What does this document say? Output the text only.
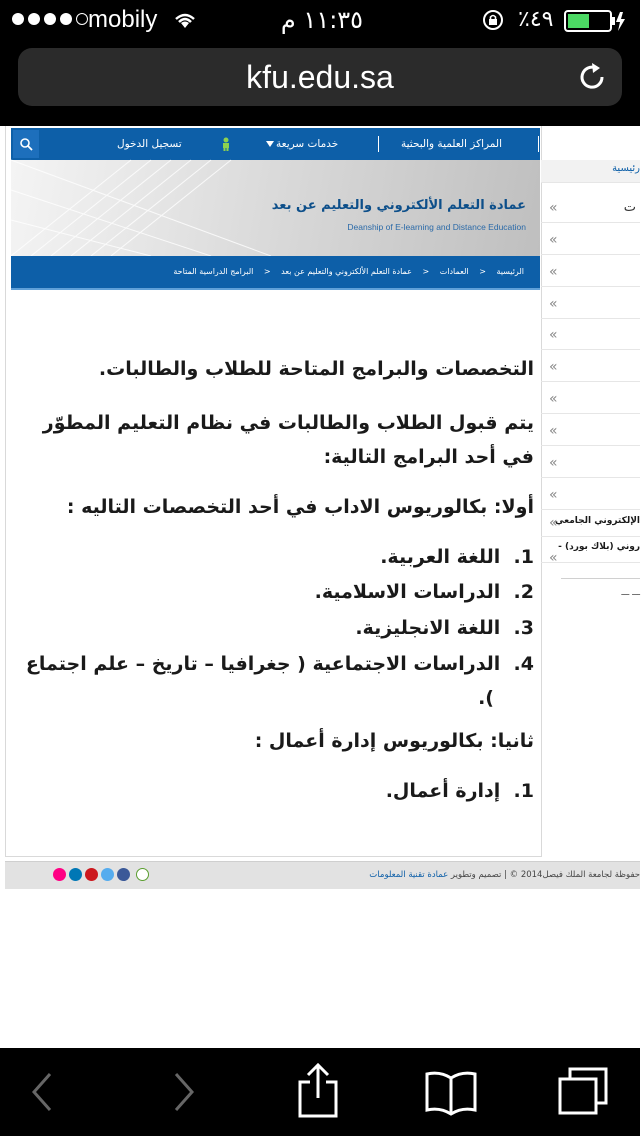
mobily	١١:٣٥ م	٪٤٩
kfu.edu.sa
تسجيل الدخول	خدمات سريعة	المراكز العلمية والبحثية	الادارات	ت
عمادة التعلم الألكتروني والتعليم عن بعد
Deanship of E-learning and Distance Education
الرئيسية < العمادات < عمادة التعلم الألكتروني والتعليم عن بعد < البرامج الدراسية المتاحة
التخصصات والبرامج المتاحة للطلاب والطالبات.
يتم قبول الطلاب والطالبات في نظام التعليم المطوّر
في أحد البرامج التالية:
أولا: بكالوريوس الاداب في أحد التخصصات التاليه :
1.  اللغة العربية.
2.  الدراسات الاسلامية.
3.  اللغة الانجليزية.
4.  الدراسات الاجتماعية ( جغرافيا – تاريخ – علم اجتماع
).
ثانيا: بكالوريوس إدارة أعمال :
1.  إدارة أعمال.
رئيسية
ت
«
«
«
«
«
«
«
«
«
«
«
الإلكتروني الجامعي
«
روني (بلاك بورد) -
ـــ ـــ
حفوظة لجامعة الملك فيصل2014 © | تصميم وتطوير عمادة تقنية المعلومات
